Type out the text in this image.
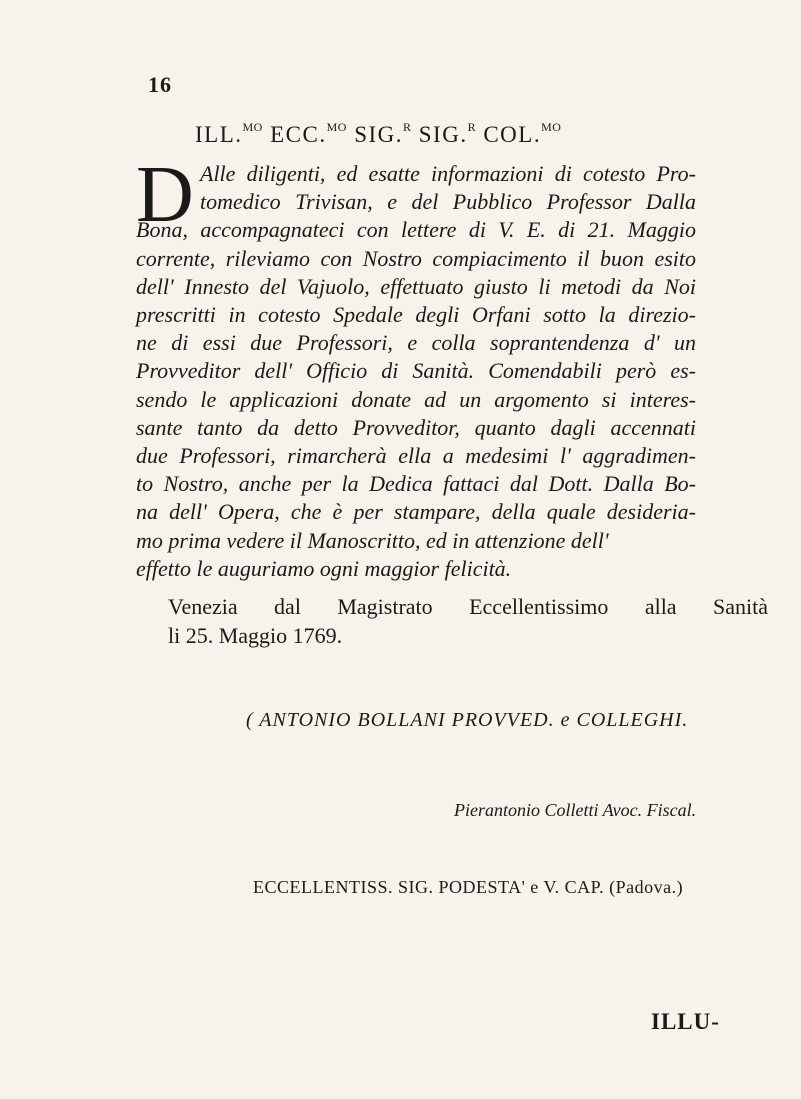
16
ILL.$^{MO}$ ECC.$^{MO}$ SIG.$^R$ SIG.$^R$ COL.$^{MO}$
D Alle diligenti, ed esatte informazioni di cotesto Pro-
tomedico Trivisan, e del Pubblico Professor Dalla
Bona, accompagnateci con lettere di V. E. di 21. Maggio
corrente, rileviamo con Nostro compiacimento il buon esito
dell' Innesto del Vajuolo, effettuato giusto li metodi da Noi
prescritti in cotesto Spedale degli Orfani sotto la direzio-
ne di essi due Professori, e colla soprantendenza d' un
Provveditor dell' Officio di Sanità. Comendabili però es-
sendo le applicazioni donate ad un argomento si interes-
sante tanto da detto Provveditor, quanto dagli accennati
due Professori, rimarcherà ella a medesimi l' aggradimen-
to Nostro, anche per la Dedica fattaci dal Dott. Dalla Bo-
na dell' Opera, che è per stampare, della quale desideria-
mo prima vedere il Manoscritto, ed in attenzione dell'
effetto le auguriamo ogni maggior felicità.
Venezia dal Magistrato Eccellentissimo alla Sanità
li 25. Maggio 1769.
( ANTONIO BOLLANI PROVVED. e COLLEGHI.
Pierantonio Colletti Avoc. Fiscal.
ECCELLENTISS. SIG. PODESTA' e V. CAP. (Padova.)
ILLU-
